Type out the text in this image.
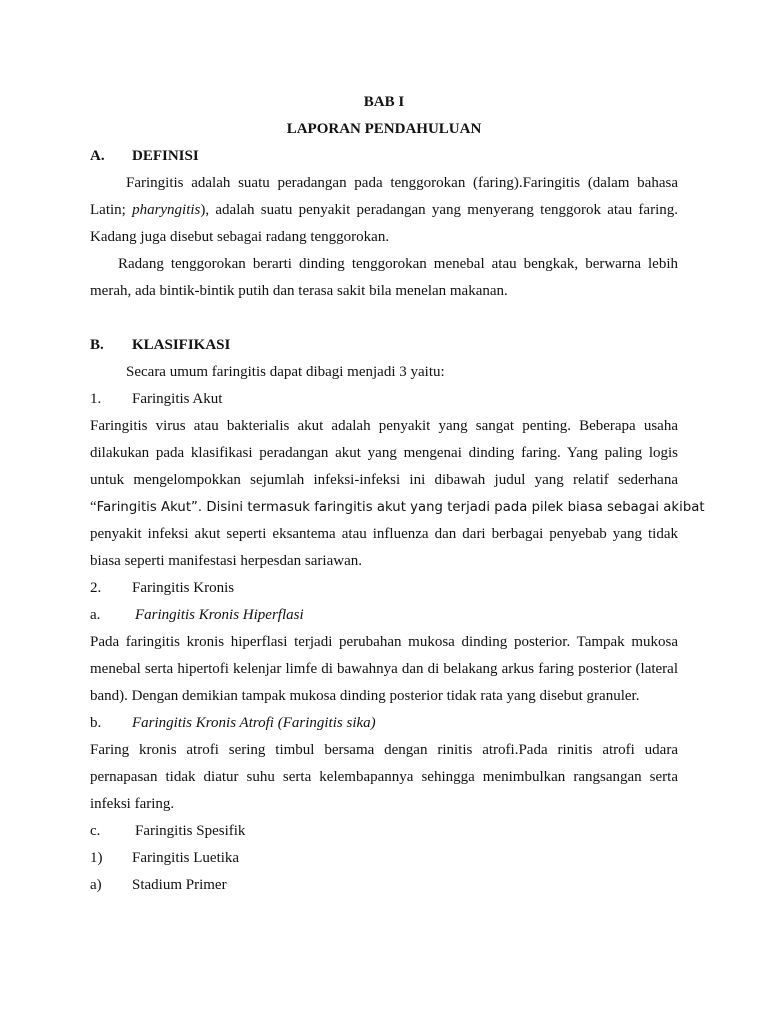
BAB I
LAPORAN PENDAHULUAN
A. DEFINISI
Faringitis adalah suatu peradangan pada tenggorokan (faring).Faringitis (dalam bahasa
Latin; pharyngitis), adalah suatu penyakit peradangan yang menyerang tenggorok atau faring.
Kadang juga disebut sebagai radang tenggorokan.
Radang tenggorokan berarti dinding tenggorokan menebal atau bengkak, berwarna lebih
merah, ada bintik-bintik putih dan terasa sakit bila menelan makanan.
B. KLASIFIKASI
Secara umum faringitis dapat dibagi menjadi 3 yaitu:
1. Faringitis Akut
Faringitis virus atau bakterialis akut adalah penyakit yang sangat penting. Beberapa usaha
dilakukan pada klasifikasi peradangan akut yang mengenai dinding faring. Yang paling logis
untuk mengelompokkan sejumlah infeksi-infeksi ini dibawah judul yang relatif sederhana
“Faringitis Akut”. Disini termasuk faringitis akut yang terjadi pada pilek biasa sebagai akibat
penyakit infeksi akut seperti eksantema atau influenza dan dari berbagai penyebab yang tidak
biasa seperti manifestasi herpesdan sariawan.
2. Faringitis Kronis
a. Faringitis Kronis Hiperflasi
Pada faringitis kronis hiperflasi terjadi perubahan mukosa dinding posterior. Tampak mukosa
menebal serta hipertofi kelenjar limfe di bawahnya dan di belakang arkus faring posterior (lateral
band). Dengan demikian tampak mukosa dinding posterior tidak rata yang disebut granuler.
b. Faringitis Kronis Atrofi (Faringitis sika)
Faring kronis atrofi sering timbul bersama dengan rinitis atrofi.Pada rinitis atrofi udara
pernapasan tidak diatur suhu serta kelembapannya sehingga menimbulkan rangsangan serta
infeksi faring.
c. Faringitis Spesifik
1) Faringitis Luetika
a) Stadium Primer
